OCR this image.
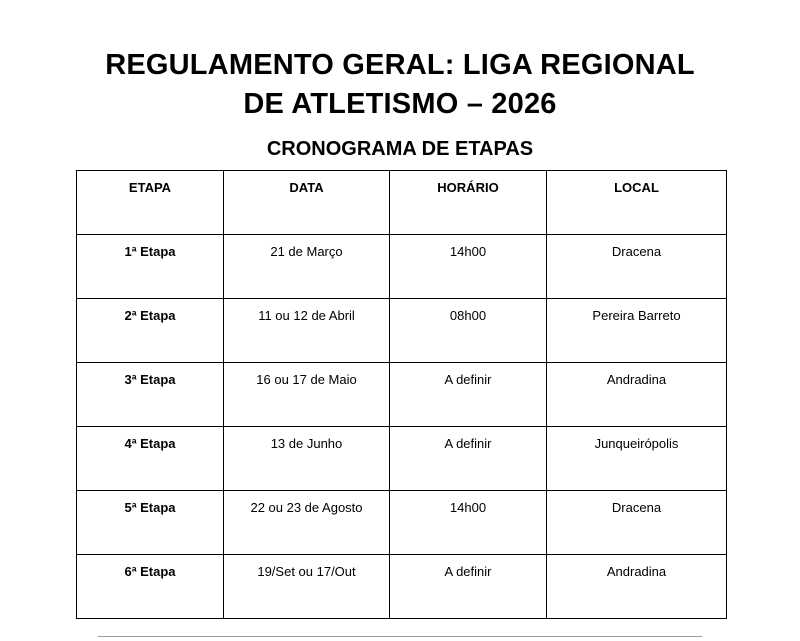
REGULAMENTO GERAL: LIGA REGIONAL
DE ATLETISMO – 2026
CRONOGRAMA DE ETAPAS
ETAPA	DATA	HORÁRIO	LOCAL
1ª Etapa	21 de Março	14h00	Dracena
2ª Etapa	11 ou 12 de Abril	08h00	Pereira Barreto
3ª Etapa	16 ou 17 de Maio	A definir	Andradina
4ª Etapa	13 de Junho	A definir	Junqueirópolis
5ª Etapa	22 ou 23 de Agosto	14h00	Dracena
6ª Etapa	19/Set ou 17/Out	A definir	Andradina
